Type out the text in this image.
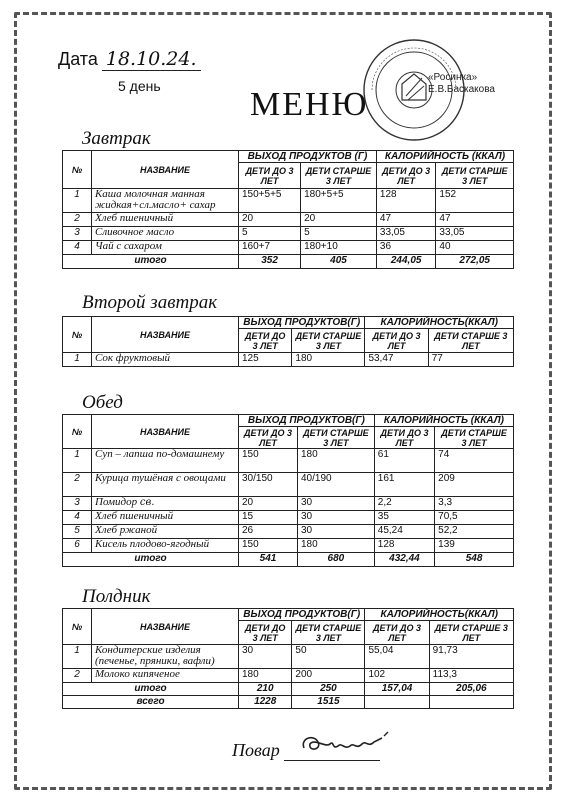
Дата 18.10.24.
5 день	МЕНЮ
«Росинка»
Е.В.Баскакова
Завтрак
№	НАЗВАНИЕ	ВЫХОД ПРОДУКТОВ (Г)		КАЛОРИЙНОСТЬ (ККАЛ)	
		ДЕТИ ДО 3 ЛЕТ	ДЕТИ СТАРШЕ 3 ЛЕТ	ДЕТИ ДО 3 ЛЕТ	ДЕТИ СТАРШЕ 3 ЛЕТ
1	Каша молочная манная жидкая+сл.масло+ сахар	150+5+5	180+5+5	128	152
2	Хлеб пшеничный	20	20	47	47
3	Сливочное масло	5	5	33,05	33,05
4	Чай с сахаром	160+7	180+10	36	40
итого		352	405	244,05	272,05
Второй завтрак
№	НАЗВАНИЕ	ВЫХОД ПРОДУКТОВ(Г)		КАЛОРИЙНОСТЬ(ККАЛ)	
		ДЕТИ ДО 3 ЛЕТ	ДЕТИ СТАРШЕ 3 ЛЕТ	ДЕТИ ДО 3 ЛЕТ	ДЕТИ СТАРШЕ 3 ЛЕТ
1	Сок фруктовый	125	180	53,47	77
Обед
№	НАЗВАНИЕ	ВЫХОД ПРОДУКТОВ(Г)		КАЛОРИЙНОСТЬ (ККАЛ)	
		ДЕТИ ДО 3 ЛЕТ	ДЕТИ СТАРШЕ 3 ЛЕТ	ДЕТИ ДО 3 ЛЕТ	ДЕТИ СТАРШЕ 3 ЛЕТ
1	Суп – лапша по-домашнему	150	180	61	74
2	Курица тушёная с овощами	30/150	40/190	161	209
3	Помидор св.	20	30	2,2	3,3
4	Хлеб пшеничный	15	30	35	70,5
5	Хлеб ржаной	26	30	45,24	52,2
6	Кисель плодово-ягодный	150	180	128	139
итого		541	680	432,44	548
Полдник
№	НАЗВАНИЕ	ВЫХОД ПРОДУКТОВ(Г)		КАЛОРИЙНОСТЬ(ККАЛ)	
		ДЕТИ ДО 3 ЛЕТ	ДЕТИ СТАРШЕ 3 ЛЕТ	ДЕТИ ДО 3 ЛЕТ	ДЕТИ СТАРШЕ 3 ЛЕТ
1	Кондитерские изделия (печенье, пряники, вафли)	30	50	55,04	91,73
2	Молоко кипяченое	180	200	102	113,3
итого		210	250	157,04	205,06
всего		1228	1515		
Повар
